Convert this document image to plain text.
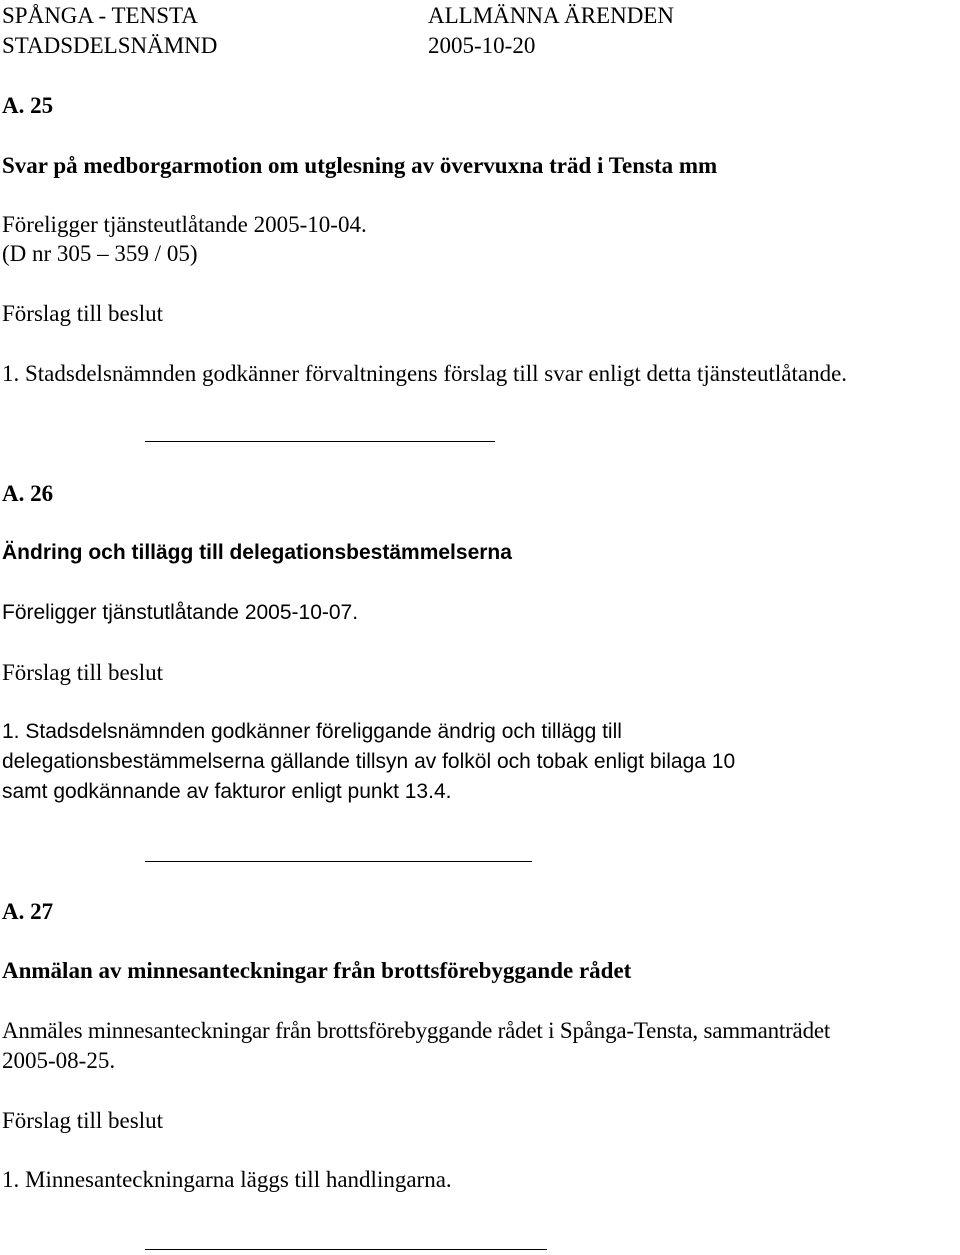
SPÅNGA - TENSTA
STADSDELSNÄMND
ALLMÄNNA ÄRENDEN
2005-10-20
A. 25
Svar på medborgarmotion om utglesning av övervuxna träd i Tensta mm
Föreligger tjänsteutlåtande 2005-10-04.
(D nr 305 – 359 / 05)
Förslag till beslut
1. Stadsdelsnämnden godkänner förvaltningens förslag till svar enligt detta tjänsteutlåtande.
A. 26
Ändring och tillägg till delegationsbestämmelserna
Föreligger tjänstutlåtande 2005-10-07.
Förslag till beslut
1. Stadsdelsnämnden godkänner föreliggande ändrig och tillägg till
delegationsbestämmelserna gällande tillsyn av folköl och tobak enligt bilaga 10
samt godkännande av fakturor enligt punkt 13.4.
A. 27
Anmälan av minnesanteckningar från brottsförebyggande rådet
Anmäles minnesanteckningar från brottsförebyggande rådet i Spånga-Tensta, sammanträdet
2005-08-25.
Förslag till beslut
1. Minnesanteckningarna läggs till handlingarna.
